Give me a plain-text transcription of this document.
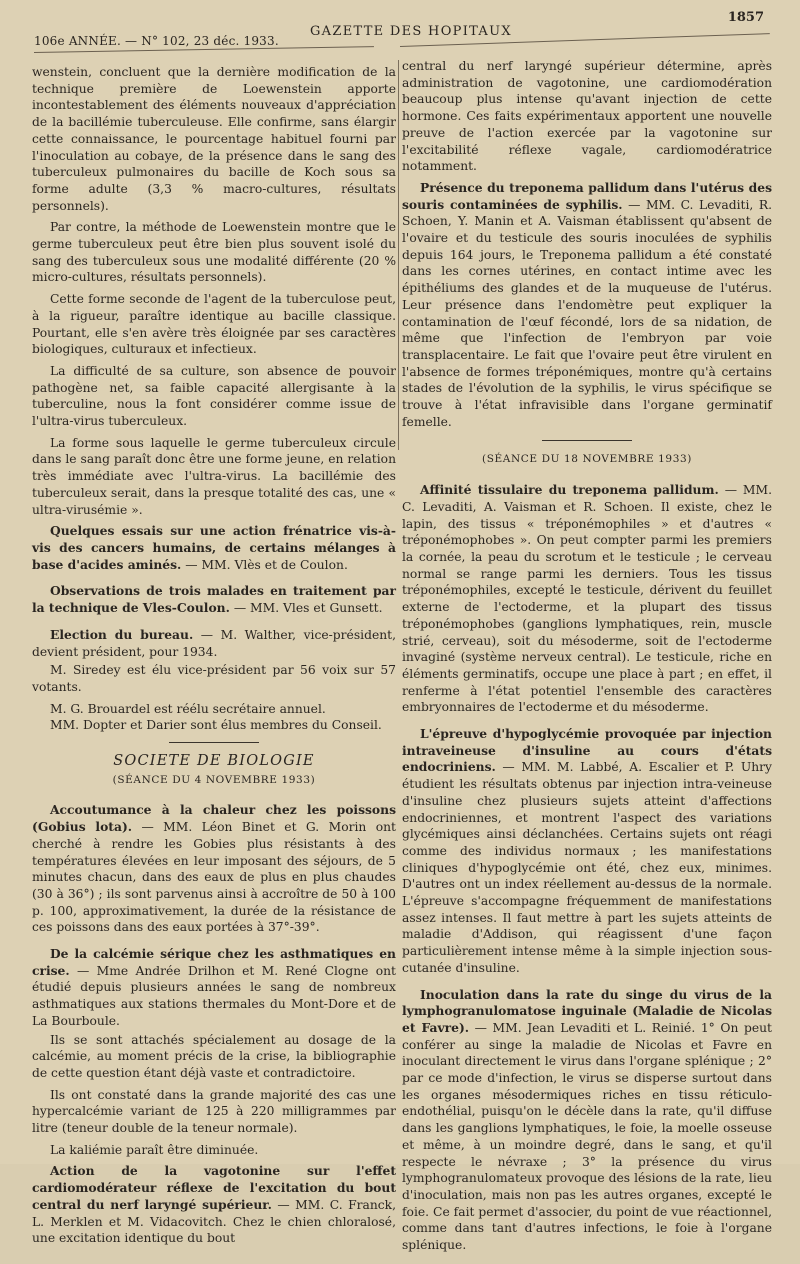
106e ANNÉE. — N° 102, 23 déc. 1933.
GAZETTE DES HOPITAUX
1857

wenstein, concluent que la dernière modification de la technique première de Loewenstein apporte incontestablement des éléments nouveaux d'appréciation de la bacillémie tuberculeuse. Elle confirme, sans élargir cette connaissance, le pourcentage habituel fourni par l'inoculation au cobaye, de la présence dans le sang des tuberculeux pulmonaires du bacille de Koch sous sa forme adulte (3,3 % macro-cultures, résultats personnels).

Par contre, la méthode de Loewenstein montre que le germe tuberculeux peut être bien plus souvent isolé du sang des tuberculeux sous une modalité différente (20 % micro-cultures, résultats personnels).

Cette forme seconde de l'agent de la tuberculose peut, à la rigueur, paraître identique au bacille classique. Pourtant, elle s'en avère très éloignée par ses caractères biologiques, culturaux et infectieux.

La difficulté de sa culture, son absence de pouvoir pathogène net, sa faible capacité allergisante à la tuberculine, nous la font considérer comme issue de l'ultra-virus tuberculeux.

La forme sous laquelle le germe tuberculeux circule dans le sang paraît donc être une forme jeune, en relation très immédiate avec l'ultra-virus. La bacillémie des tuberculeux serait, dans la presque totalité des cas, une « ultra-virusémie ».

Quelques essais sur une action frénatrice vis-à-vis des cancers humains, de certains mélanges à base d'acides aminés. — MM. Vlès et de Coulon.
Observations de trois malades en traitement par la technique de Vles-Coulon. — MM. Vles et Gunsett.
Election du bureau. — M. Walther, vice-président, devient président, pour 1934.

M. Siredey est élu vice-président par 56 voix sur 57 votants.

M. G. Brouardel est réélu secrétaire annuel.

MM. Dopter et Darier sont élus membres du Conseil.

SOCIETE DE BIOLOGIE
(SÉANCE DU 4 NOVEMBRE 1933)
Accoutumance à la chaleur chez les poissons (Gobius lota). — MM. Léon Binet et G. Morin ont cherché à rendre les Gobies plus résistants à des températures élevées en leur imposant des séjours, de 5 minutes chacun, dans des eaux de plus en plus chaudes (30 à 36°) ; ils sont parvenus ainsi à accroître de 50 à 100 p. 100, approximativement, la durée de la résistance de ces poissons dans des eaux portées à 37°-39°.
De la calcémie sérique chez les asthmatiques en crise. — Mme Andrée Drilhon et M. René Clogne ont étudié depuis plusieurs années le sang de nombreux asthmatiques aux stations thermales du Mont-Dore et de La Bourboule.

Ils se sont attachés spécialement au dosage de la calcémie, au moment précis de la crise, la bibliographie de cette question étant déjà vaste et contradictoire.

Ils ont constaté dans la grande majorité des cas une hypercalcémie variant de 125 à 220 milligrammes par litre (teneur double de la teneur normale).

La kaliémie paraît être diminuée.

Action de la vagotonine sur l'effet cardiomodérateur réflexe de l'excitation du bout central du nerf laryngé supérieur. — MM. C. Franck, L. Merklen et M. Vidacovitch. Chez le chien chloralosé, une excitation identique du bout

central du nerf laryngé supérieur détermine, après administration de vagotonine, une cardiomodération beaucoup plus intense qu'avant injection de cette hormone. Ces faits expérimentaux apportent une nouvelle preuve de l'action exercée par la vagotonine sur l'excitabilité réflexe vagale, cardiomodératrice notamment.

Présence du treponema pallidum dans l'utérus des souris contaminées de syphilis. — MM. C. Levaditi, R. Schoen, Y. Manin et A. Vaisman établissent qu'absent de l'ovaire et du testicule des souris inoculées de syphilis depuis 164 jours, le Treponema pallidum a été constaté dans les cornes utérines, en contact intime avec les épithéliums des glandes et de la muqueuse de l'utérus. Leur présence dans l'endomètre peut expliquer la contamination de l'œuf fécondé, lors de sa nidation, de même que l'infection de l'embryon par voie transplacentaire. Le fait que l'ovaire peut être virulent en l'absence de formes tréponémiques, montre qu'à certains stades de l'évolution de la syphilis, le virus spécifique se trouve à l'état infravisible dans l'organe germinatif femelle.
(SÉANCE DU 18 NOVEMBRE 1933)
Affinité tissulaire du treponema pallidum. — MM. C. Levaditi, A. Vaisman et R. Schoen. Il existe, chez le lapin, des tissus « tréponémophiles » et d'autres « tréponémophobes ». On peut compter parmi les premiers la cornée, la peau du scrotum et le testicule ; le cerveau normal se range parmi les derniers. Tous les tissus tréponémophiles, excepté le testicule, dérivent du feuillet externe de l'ectoderme, et la plupart des tissus tréponémophobes (ganglions lymphatiques, rein, muscle strié, cerveau), soit du mésoderme, soit de l'ectoderme invaginé (système nerveux central). Le testicule, riche en éléments germinatifs, occupe une place à part ; en effet, il renferme à l'état potentiel l'ensemble des caractères embryonnaires de l'ectoderme et du mésoderme.
L'épreuve d'hypoglycémie provoquée par injection intraveineuse d'insuline au cours d'états endocriniens. — MM. M. Labbé, A. Escalier et P. Uhry étudient les résultats obtenus par injection intra-veineuse d'insuline chez plusieurs sujets atteint d'affections endocriniennes, et montrent l'aspect des variations glycémiques ainsi déclanchées. Certains sujets ont réagi comme des individus normaux ; les manifestations cliniques d'hypoglycémie ont été, chez eux, minimes. D'autres ont un index réellement au-dessus de la normale. L'épreuve s'accompagne fréquemment de manifestations assez intenses. Il faut mettre à part les sujets atteints de maladie d'Addison, qui réagissent d'une façon particulièrement intense même à la simple injection sous-cutanée d'insuline.
Inoculation dans la rate du singe du virus de la lymphogranulomatose inguinale (Maladie de Nicolas et Favre). — MM. Jean Levaditi et L. Reinié. 1° On peut conférer au singe la maladie de Nicolas et Favre en inoculant directement le virus dans l'organe splénique ; 2° par ce mode d'infection, le virus se disperse surtout dans les organes mésodermiques riches en tissu réticulo-endothélial, puisqu'on le décèle dans la rate, qu'il diffuse dans les ganglions lymphatiques, le foie, la moelle osseuse et même, à un moindre degré, dans le sang, et qu'il respecte le névraxe ; 3° la présence du virus lymphogranulomateux provoque des lésions de la rate, lieu d'inoculation, mais non pas les autres organes, excepté le foie. Ce fait permet d'associer, du point de vue réactionnel, comme dans tant d'autres infections, le foie à l'organe splénique.
